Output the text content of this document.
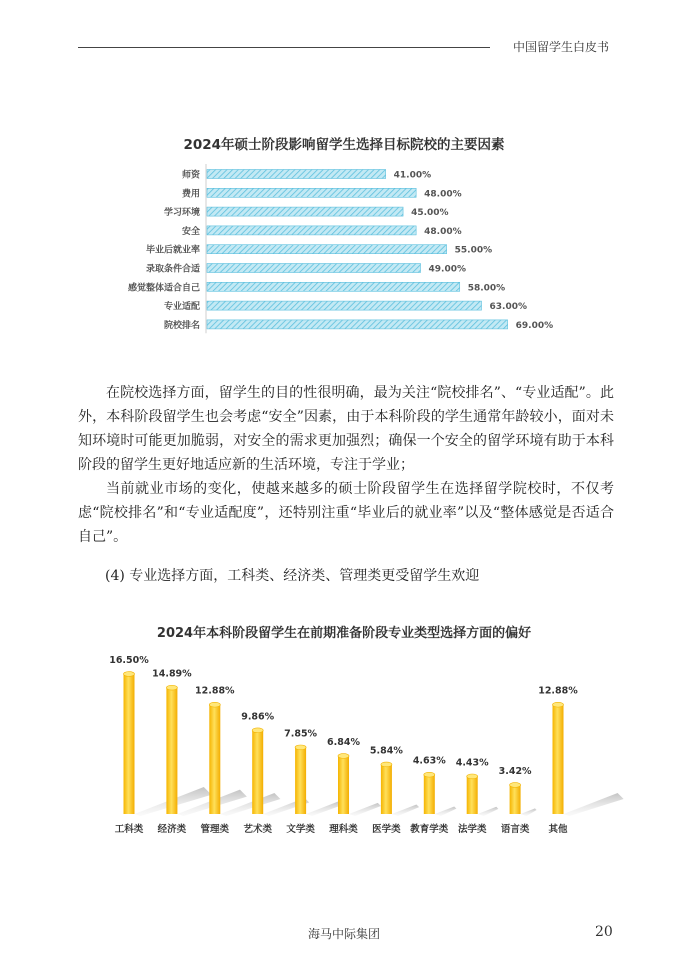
中国留学生白皮书
2024年硕士阶段影响留学生选择目标院校的主要因素
师资	41.00%
费用	48.00%
学习环境	45.00%
安全	48.00%
毕业后就业率	55.00%
录取条件合适	49.00%
感觉整体适合自己	58.00%
专业适配	63.00%
院校排名	69.00%
在院校选择方面，留学生的目的性很明确，最为关注“院校排名”、“专业适配”。此外，本科阶段留学生也会考虑“安全”因素，由于本科阶段的学生通常年龄较小，面对未知环境时可能更加脆弱，对安全的需求更加强烈；确保一个安全的留学环境有助于本科阶段的留学生更好地适应新的生活环境，专注于学业；
当前就业市场的变化，使越来越多的硕士阶段留学生在选择留学院校时，不仅考虑“院校排名”和“专业适配度”，还特别注重“毕业后的就业率”以及“整体感觉是否适合自己”。
(4) 专业选择方面，工科类、经济类、管理类更受留学生欢迎
2024年本科阶段留学生在前期准备阶段专业类型选择方面的偏好
16.50%
工科类
14.89%
经济类
12.88%
管理类
9.86%
艺术类
7.85%
文学类
6.84%
理科类
5.84%
医学类
4.63%
教育学类
4.43%
法学类
3.42%
语言类
12.88%
其他
海马中际集团	20
